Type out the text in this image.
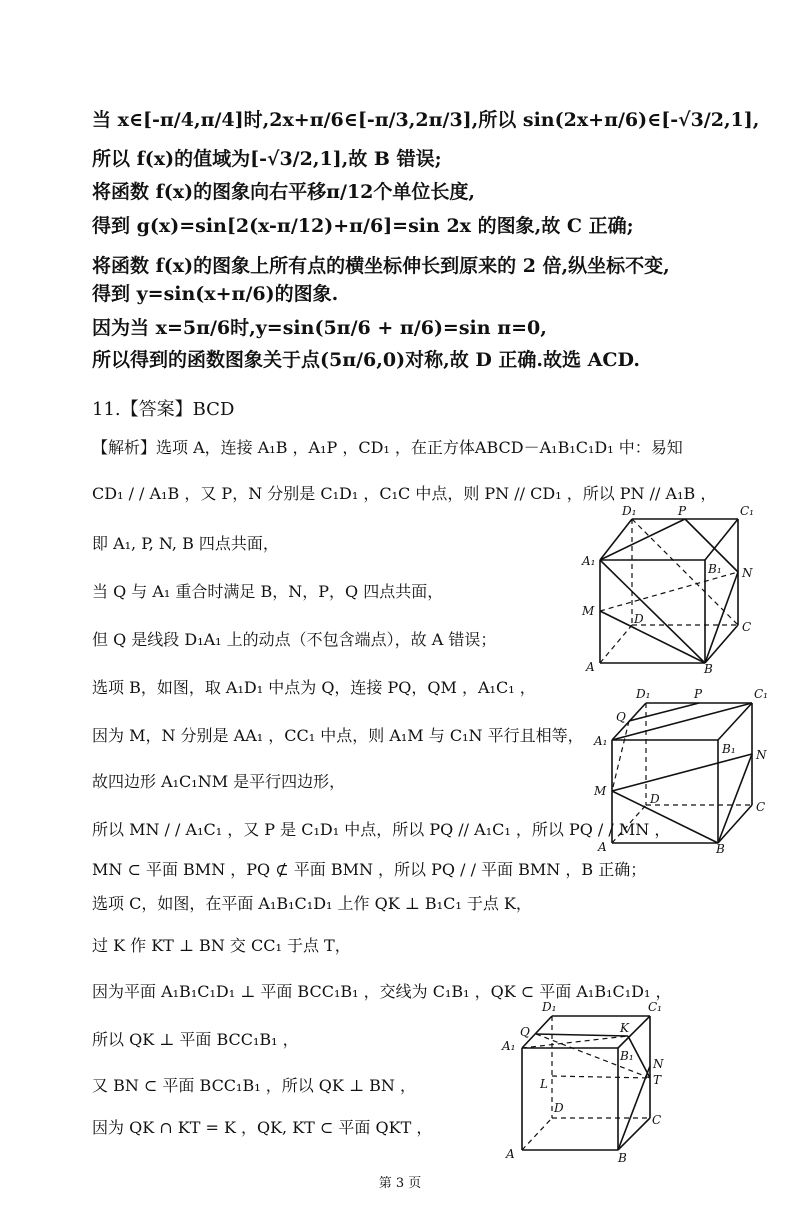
当 x∈[-π/4,π/4]时,2x+π/6∈[-π/3,2π/3],所以 sin(2x+π/6)∈[-√3/2,1],
所以 f(x)的值域为[-√3/2,1],故 B 错误;
将函数 f(x)的图象向右平移π/12个单位长度,
得到 g(x)=sin[2(x-π/12)+π/6]=sin 2x 的图象,故 C 正确;
将函数 f(x)的图象上所有点的横坐标伸长到原来的 2 倍,纵坐标不变,
得到 y=sin(x+π/6)的图象.
因为当 x=5π/6时,y=sin(5π/6 + π/6)=sin π=0,
所以得到的函数图象关于点(5π/6,0)对称,故 D 正确.故选 ACD.
11.【答案】BCD
【解析】选项 A，连接 A₁B ，A₁P ，CD₁ ，在正方体ABCD－A₁B₁C₁D₁ 中：易知
CD₁ / / A₁B ，又 P，N 分别是 C₁D₁ ，C₁C 中点，则 PN // CD₁ ，所以 PN // A₁B ，
即 A₁, P, N, B 四点共面，
当 Q 与 A₁ 重合时满足 B，N，P，Q 四点共面，
但 Q 是线段 D₁A₁ 上的动点（不包含端点），故 A 错误；
选项 B，如图，取 A₁D₁ 中点为 Q，连接 PQ，QM ，A₁C₁ ，
因为 M，N 分别是 AA₁ ，CC₁ 中点，则 A₁M 与 C₁N 平行且相等，
故四边形 A₁C₁NM 是平行四边形，
所以 MN / / A₁C₁ ，又 P 是 C₁D₁ 中点，所以 PQ // A₁C₁ ，所以 PQ / / MN ，
MN ⊂ 平面 BMN ，PQ ⊄ 平面 BMN ，所以 PQ / / 平面 BMN ，B 正确；
选项 C，如图，在平面 A₁B₁C₁D₁ 上作 QK ⊥ B₁C₁ 于点 K，
过 K 作 KT ⊥ BN 交 CC₁ 于点 T，
因为平面 A₁B₁C₁D₁ ⊥ 平面 BCC₁B₁ ，交线为 C₁B₁ ，QK ⊂ 平面 A₁B₁C₁D₁ ，
所以 QK ⊥ 平面 BCC₁B₁ ，
又 BN ⊂ 平面 BCC₁B₁ ，所以 QK ⊥ BN ，
因为 QK ∩ KT = K ，QK, KT ⊂ 平面 QKT ，
D₁	P	C₁
A₁
B₁ N
M
D
C
A	B
D₁	P	C₁
Q
A₁
B₁ N
M
D
C
A	B
D₁	C₁
Q	K
A₁
B₁
N
T
L
D
C
A	B
第 3 页
